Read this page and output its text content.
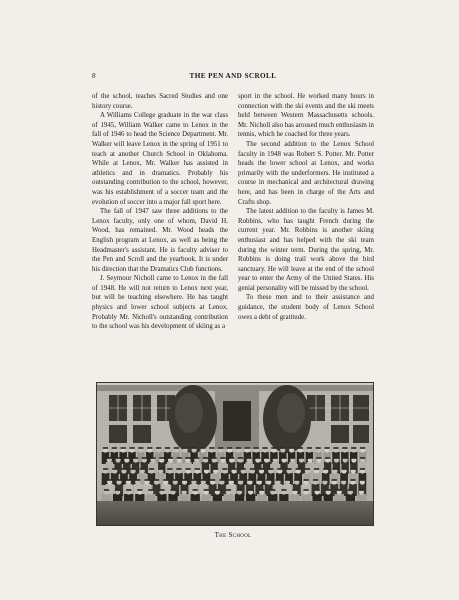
8	THE PEN AND SCROLL

of the school, teaches Sacred Studies and one history course.

A Williams College graduate in the war class of 1945, William Walker came to Lenox in the fall of 1946 to head the Science Department. Mr. Walker will leave Lenox in the spring of 1951 to teach at another Church School in Oklahoma. While at Lenox, Mr. Walker has assisted in athletics and in dramatics. Probably his outstanding contribution to the school, however, was his establishment of a soccer team and the evolution of soccer into a major fall sport here.

The fall of 1947 saw three additions to the Lenox faculty, only one of whom, David H. Wood, has remained. Mr. Wood heads the English program at Lenox, as well as being the Headmaster's assistant. He is faculty adviser to the Pen and Scroll and the yearbook. It is under his direction that the Dramatics Club functions.

J. Seymour Nicholl came to Lenox in the fall of 1948. He will not return to Lenox next year, but will be teaching elsewhere. He has taught physics and lower school subjects at Lenox. Probably Mr. Nicholl's outstanding contribution to the school was his development of skiing as a

sport in the school. He worked many hours in connection with the ski events and the ski meets held between Western Massachusetts schools. Mr. Nicholl also has aroused much enthusiasm in tennis, which he coached for three years.

The second addition to the Lenox School faculty in 1948 was Robert S. Potter. Mr. Potter heads the lower school at Lenox, and works primarily with the underformers. He instituted a course in mechanical and architectural drawing here, and has been in charge of the Arts and Crafts shop.

The latest addition to the faculty is James M. Robbins, who has taught French during the current year. Mr. Robbins is another skiing enthusiast and has helped with the ski team during the winter term. During the spring, Mr. Robbins is doing trail work above the bird sanctuary. He will leave at the end of the school year to enter the Army of the United States. His genial personality will be missed by the school.

To these men and to their assistance and guidance, the student body of Lenox School owes a debt of gratitude.

The School
